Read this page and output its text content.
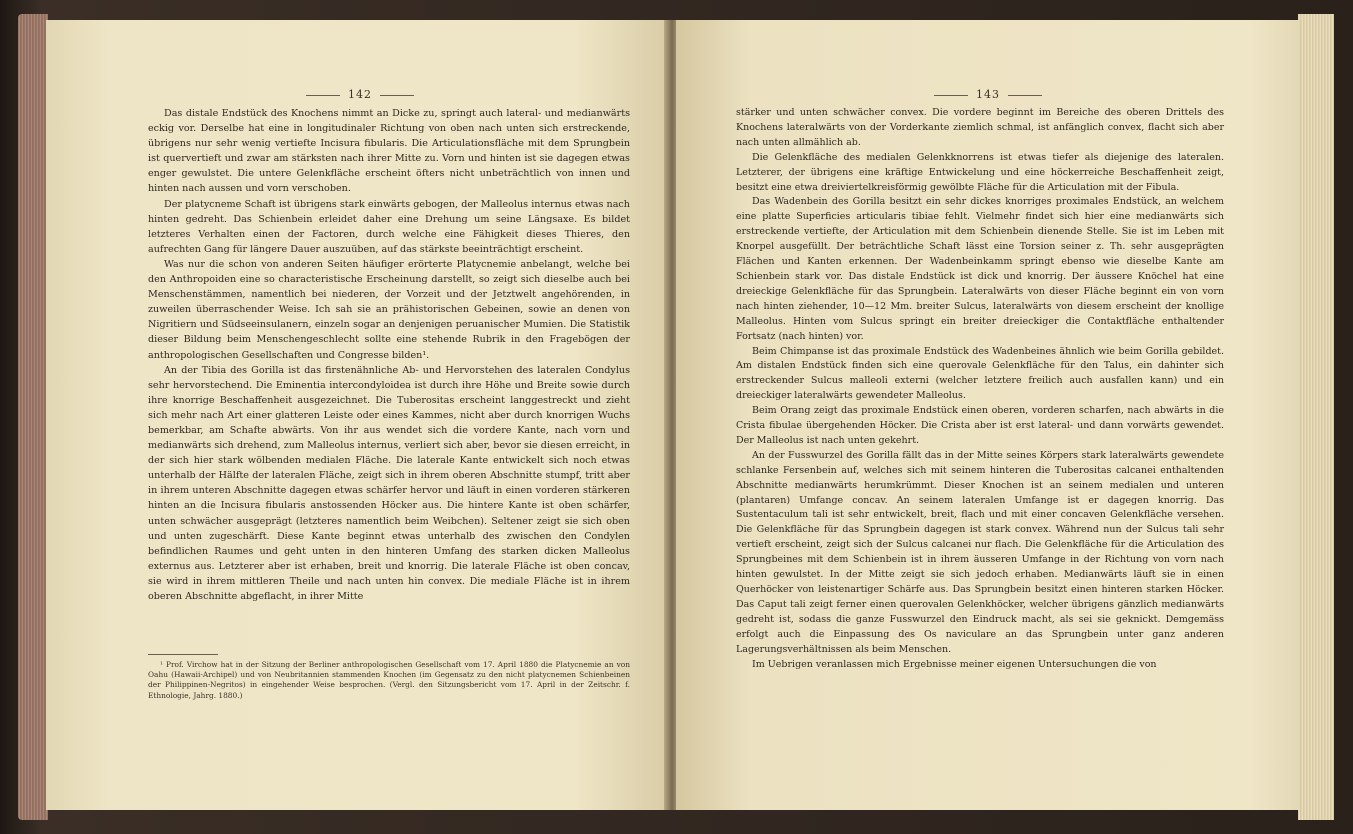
142

Das distale Endstück des Knochens nimmt an Dicke zu, springt auch lateral- und medianwärts eckig vor. Derselbe hat eine in longitudinaler Richtung von oben nach unten sich erstreckende, übrigens nur sehr wenig vertiefte Incisura fibularis. Die Articulationsfläche mit dem Sprungbein ist quervertieft und zwar am stärksten nach ihrer Mitte zu. Vorn und hinten ist sie dagegen etwas enger gewulstet. Die untere Gelenkfläche erscheint öfters nicht unbeträchtlich von innen und hinten nach aussen und vorn verschoben.

Der platycneme Schaft ist übrigens stark einwärts gebogen, der Malleolus internus etwas nach hinten gedreht. Das Schienbein erleidet daher eine Drehung um seine Längsaxe. Es bildet letzteres Verhalten einen der Factoren, durch welche eine Fähigkeit dieses Thieres, den aufrechten Gang für längere Dauer auszuüben, auf das stärkste beeinträchtigt erscheint.

Was nur die schon von anderen Seiten häufiger erörterte Platycnemie anbelangt, welche bei den Anthropoiden eine so characteristische Erscheinung darstellt, so zeigt sich dieselbe auch bei Menschenstämmen, namentlich bei niederen, der Vorzeit und der Jetztwelt angehörenden, in zuweilen überraschender Weise. Ich sah sie an prähistorischen Gebeinen, sowie an denen von Nigritiern und Südseeinsulanern, einzeln sogar an denjenigen peruanischer Mumien. Die Statistik dieser Bildung beim Menschengeschlecht sollte eine stehende Rubrik in den Fragebögen der anthropologischen Gesellschaften und Congresse bilden¹.

An der Tibia des Gorilla ist das firstenähnliche Ab- und Hervorstehen des lateralen Condylus sehr hervorstechend. Die Eminentia intercondyloidea ist durch ihre Höhe und Breite sowie durch ihre knorrige Beschaffenheit ausgezeichnet. Die Tuberositas erscheint langgestreckt und zieht sich mehr nach Art einer glatteren Leiste oder eines Kammes, nicht aber durch knorrigen Wuchs bemerkbar, am Schafte abwärts. Von ihr aus wendet sich die vordere Kante, nach vorn und medianwärts sich drehend, zum Malleolus internus, verliert sich aber, bevor sie diesen erreicht, in der sich hier stark wölbenden medialen Fläche. Die laterale Kante entwickelt sich noch etwas unterhalb der Hälfte der lateralen Fläche, zeigt sich in ihrem oberen Abschnitte stumpf, tritt aber in ihrem unteren Abschnitte dagegen etwas schärfer hervor und läuft in einen vorderen stärkeren hinten an die Incisura fibularis anstossenden Höcker aus. Die hintere Kante ist oben schärfer, unten schwächer ausgeprägt (letzteres namentlich beim Weibchen). Seltener zeigt sie sich oben und unten zugeschärft. Diese Kante beginnt etwas unterhalb des zwischen den Condylen befindlichen Raumes und geht unten in den hinteren Umfang des starken dicken Malleolus externus aus. Letzterer aber ist erhaben, breit und knorrig. Die laterale Fläche ist oben concav, sie wird in ihrem mittleren Theile und nach unten hin convex. Die mediale Fläche ist in ihrem oberen Abschnitte abgeflacht, in ihrer Mitte

¹ Prof. Virchow hat in der Sitzung der Berliner anthropologischen Gesellschaft vom 17. April 1880 die Platycnemie an von Oahu (Hawaii-Archipel) und von Neubritannien stammenden Knochen (im Gegensatz zu den nicht platycnemen Schienbeinen der Philippinen-Negritos) in eingehender Weise besprochen. (Vergl. den Sitzungsbericht vom 17. April in der Zeitschr. f. Ethnologie, Jahrg. 1880.)

143

stärker und unten schwächer convex. Die vordere beginnt im Bereiche des oberen Drittels des Knochens lateralwärts von der Vorderkante ziemlich schmal, ist anfänglich convex, flacht sich aber nach unten allmählich ab.

Die Gelenkfläche des medialen Gelenkknorrens ist etwas tiefer als diejenige des lateralen. Letzterer, der übrigens eine kräftige Entwickelung und eine höckerreiche Beschaffenheit zeigt, besitzt eine etwa dreiviertelkreisförmig gewölbte Fläche für die Articulation mit der Fibula.

Das Wadenbein des Gorilla besitzt ein sehr dickes knorriges proximales Endstück, an welchem eine platte Superficies articularis tibiae fehlt. Vielmehr findet sich hier eine medianwärts sich erstreckende vertiefte, der Articulation mit dem Schienbein dienende Stelle. Sie ist im Leben mit Knorpel ausgefüllt. Der beträchtliche Schaft lässt eine Torsion seiner z. Th. sehr ausgeprägten Flächen und Kanten erkennen. Der Wadenbeinkamm springt ebenso wie dieselbe Kante am Schienbein stark vor. Das distale Endstück ist dick und knorrig. Der äussere Knöchel hat eine dreieckige Gelenkfläche für das Sprungbein. Lateralwärts von dieser Fläche beginnt ein von vorn nach hinten ziehender, 10—12 Mm. breiter Sulcus, lateralwärts von diesem erscheint der knollige Malleolus. Hinten vom Sulcus springt ein breiter dreieckiger die Contaktfläche enthaltender Fortsatz (nach hinten) vor.

Beim Chimpanse ist das proximale Endstück des Wadenbeines ähnlich wie beim Gorilla gebildet. Am distalen Endstück finden sich eine querovale Gelenkfläche für den Talus, ein dahinter sich erstreckender Sulcus malleoli externi (welcher letztere freilich auch ausfallen kann) und ein dreieckiger lateralwärts gewendeter Malleolus.

Beim Orang zeigt das proximale Endstück einen oberen, vorderen scharfen, nach abwärts in die Crista fibulae übergehenden Höcker. Die Crista aber ist erst lateral- und dann vorwärts gewendet. Der Malleolus ist nach unten gekehrt.

An der Fusswurzel des Gorilla fällt das in der Mitte seines Körpers stark lateralwärts gewendete schlanke Fersenbein auf, welches sich mit seinem hinteren die Tuberositas calcanei enthaltenden Abschnitte medianwärts herumkrümmt. Dieser Knochen ist an seinem medialen und unteren (plantaren) Umfange concav. An seinem lateralen Umfange ist er dagegen knorrig. Das Sustentaculum tali ist sehr entwickelt, breit, flach und mit einer concaven Gelenkfläche versehen. Die Gelenkfläche für das Sprungbein dagegen ist stark convex. Während nun der Sulcus tali sehr vertieft erscheint, zeigt sich der Sulcus calcanei nur flach. Die Gelenkfläche für die Articulation des Sprungbeines mit dem Schienbein ist in ihrem äusseren Umfange in der Richtung von vorn nach hinten gewulstet. In der Mitte zeigt sie sich jedoch erhaben. Medianwärts läuft sie in einen Querhöcker von leistenartiger Schärfe aus. Das Sprungbein besitzt einen hinteren starken Höcker. Das Caput tali zeigt ferner einen querovalen Gelenkhöcker, welcher übrigens gänzlich medianwärts gedreht ist, sodass die ganze Fusswurzel den Eindruck macht, als sei sie geknickt. Demgemäss erfolgt auch die Einpassung des Os naviculare an das Sprungbein unter ganz anderen Lagerungsverhältnissen als beim Menschen.

Im Uebrigen veranlassen mich Ergebnisse meiner eigenen Untersuchungen die von
